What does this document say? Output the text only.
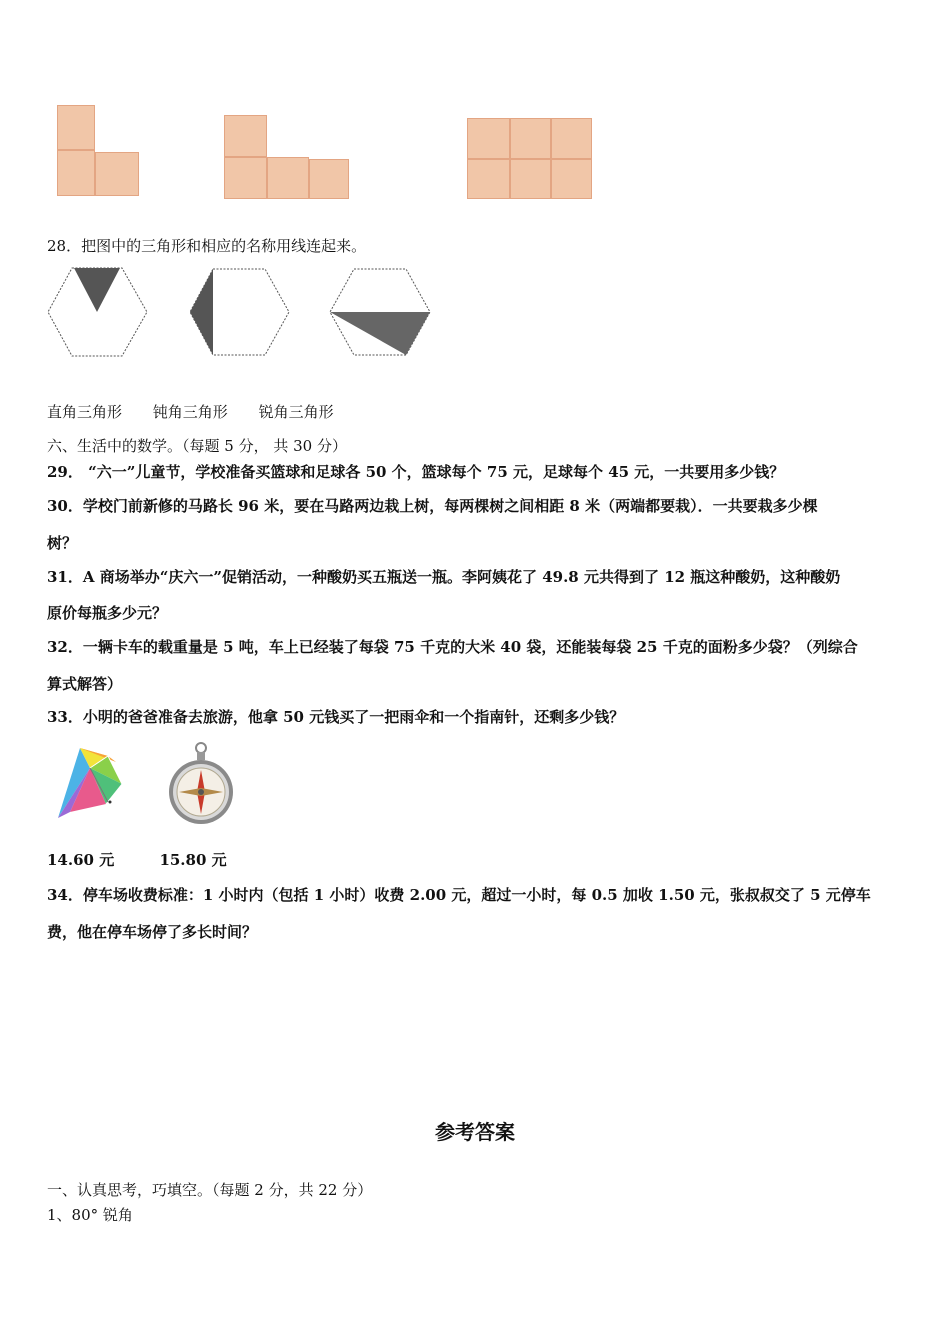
28．把图中的三角形和相应的名称用线连起来。
直角三角形 钝角三角形 锐角三角形
六、生活中的数学。（每题 5 分， 共 30 分）
29． “六一”儿童节，学校准备买篮球和足球各 50 个，篮球每个 75 元，足球每个 45 元，一共要用多少钱？
30．学校门前新修的马路长 96 米，要在马路两边栽上树，每两棵树之间相距 8 米（两端都要栽）．一共要栽多少棵
树？
31．A 商场举办“庆六一”促销活动，一种酸奶买五瓶送一瓶。李阿姨花了 49.8 元共得到了 12 瓶这种酸奶，这种酸奶
原价每瓶多少元？
32．一辆卡车的载重量是 5 吨，车上已经装了每袋 75 千克的大米 40 袋，还能装每袋 25 千克的面粉多少袋？（列综合
算式解答）
33．小明的爸爸准备去旅游，他拿 50 元钱买了一把雨伞和一个指南针，还剩多少钱？
14.60 元	15.80 元
34．停车场收费标准：1 小时内（包括 1 小时）收费 2.00 元，超过一小时，每 0.5 加收 1.50 元，张叔叔交了 5 元停车
费，他在停车场停了多长时间？
参考答案
一、认真思考，巧填空。（每题 2 分，共 22 分）
1、80° 锐角
